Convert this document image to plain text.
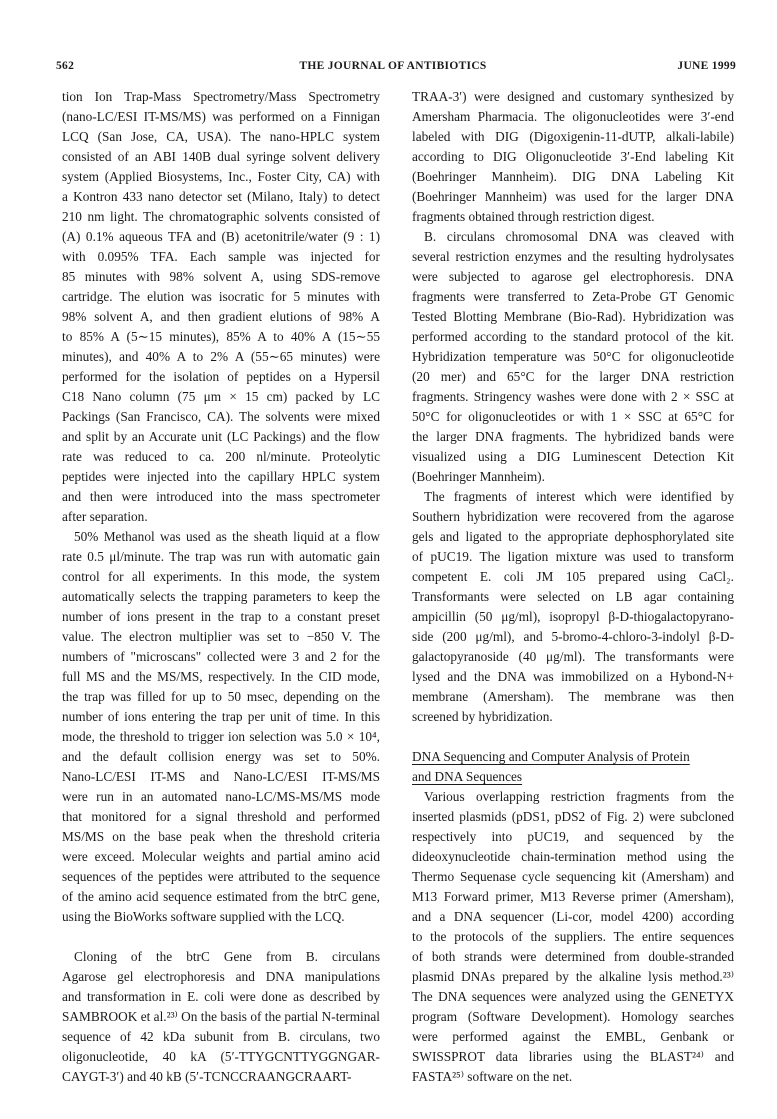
562	THE JOURNAL OF ANTIBIOTICS	JUNE 1999
tion Ion Trap-Mass Spectrometry/Mass Spectrometry
(nano-LC/ESI IT-MS/MS) was performed on a Finnigan
LCQ (San Jose, CA, USA). The nano-HPLC system
consisted of an ABI 140B dual syringe solvent delivery
system (Applied Biosystems, Inc., Foster City, CA) with
a Kontron 433 nano detector set (Milano, Italy) to detect
210 nm light. The chromatographic solvents consisted of
(A) 0.1% aqueous TFA and (B) acetonitrile/water (9 : 1)
with 0.095% TFA. Each sample was injected for
85 minutes with 98% solvent A, using SDS-remove
cartridge. The elution was isocratic for 5 minutes with
98% solvent A, and then gradient elutions of 98% A
to 85% A (5∼15 minutes), 85% A to 40% A (15∼55
minutes), and 40% A to 2% A (55∼65 minutes) were
performed for the isolation of peptides on a Hypersil
C18 Nano column (75 μm × 15 cm) packed by LC
Packings (San Francisco, CA). The solvents were mixed
and split by an Accurate unit (LC Packings) and the flow
rate was reduced to ca. 200 nl/minute. Proteolytic
peptides were injected into the capillary HPLC system
and then were introduced into the mass spectrometer
after separation.
50% Methanol was used as the sheath liquid at a flow
rate 0.5 μl/minute. The trap was run with automatic gain
control for all experiments. In this mode, the system
automatically selects the trapping parameters to keep the
number of ions present in the trap to a constant preset
value. The electron multiplier was set to −850 V. The
numbers of "microscans" collected were 3 and 2 for the
full MS and the MS/MS, respectively. In the CID mode,
the trap was filled for up to 50 msec, depending on the
number of ions entering the trap per unit of time. In this
mode, the threshold to trigger ion selection was 5.0 × 10⁴,
and the default collision energy was set to 50%.
Nano-LC/ESI IT-MS and Nano-LC/ESI IT-MS/MS
were run in an automated nano-LC/MS-MS/MS mode
that monitored for a signal threshold and performed
MS/MS on the base peak when the threshold criteria
were exceed. Molecular weights and partial amino acid
sequences of the peptides were attributed to the sequence
of the amino acid sequence estimated from the btrC gene,
using the BioWorks software supplied with the LCQ.
Cloning of the btrC Gene from B. circulans
Agarose gel electrophoresis and DNA manipulations
and transformation in E. coli were done as described by
SAMBROOK et al.²³⁾ On the basis of the partial N-terminal
sequence of 42 kDa subunit from B. circulans, two
oligonucleotide, 40 kA (5′-TTYGCNTTYGGNGAR-
CAYGT-3′) and 40 kB (5′-TCNCCRAANGCRAART-
TRAA-3′) were designed and customary synthesized by
Amersham Pharmacia. The oligonucleotides were 3′-end
labeled with DIG (Digoxigenin-11-dUTP, alkali-labile)
according to DIG Oligonucleotide 3′-End labeling Kit
(Boehringer Mannheim). DIG DNA Labeling Kit
(Boehringer Mannheim) was used for the larger DNA
fragments obtained through restriction digest.
B. circulans chromosomal DNA was cleaved with
several restriction enzymes and the resulting hydrolysates
were subjected to agarose gel electrophoresis. DNA
fragments were transferred to Zeta-Probe GT Genomic
Tested Blotting Membrane (Bio-Rad). Hybridization was
performed according to the standard protocol of the kit.
Hybridization temperature was 50°C for oligonucleotide
(20 mer) and 65°C for the larger DNA restriction
fragments. Stringency washes were done with 2 × SSC at
50°C for oligonucleotides or with 1 × SSC at 65°C for
the larger DNA fragments. The hybridized bands were
visualized using a DIG Luminescent Detection Kit
(Boehringer Mannheim).
The fragments of interest which were identified by
Southern hybridization were recovered from the agarose
gels and ligated to the appropriate dephosphorylated site
of pUC19. The ligation mixture was used to transform
competent E. coli JM 105 prepared using CaCl₂.
Transformants were selected on LB agar containing
ampicillin (50 μg/ml), isopropyl β-D-thiogalactopyrano-
side (200 μg/ml), and 5-bromo-4-chloro-3-indolyl β-D-
galactopyranoside (40 μg/ml). The transformants were
lysed and the DNA was immobilized on a Hybond-N+
membrane (Amersham). The membrane was then
screened by hybridization.
DNA Sequencing and Computer Analysis of Protein
and DNA Sequences
Various overlapping restriction fragments from the
inserted plasmids (pDS1, pDS2 of Fig. 2) were subcloned
respectively into pUC19, and sequenced by the
dideoxynucleotide chain-termination method using the
Thermo Sequenase cycle sequencing kit (Amersham) and
M13 Forward primer, M13 Reverse primer (Amersham),
and a DNA sequencer (Li-cor, model 4200) according
to the protocols of the suppliers. The entire sequences
of both strands were determined from double-stranded
plasmid DNAs prepared by the alkaline lysis method.²³⁾
The DNA sequences were analyzed using the GENETYX
program (Software Development). Homology searches
were performed against the EMBL, Genbank or
SWISSPROT data libraries using the BLAST²⁴⁾ and
FASTA²⁵⁾ software on the net.
